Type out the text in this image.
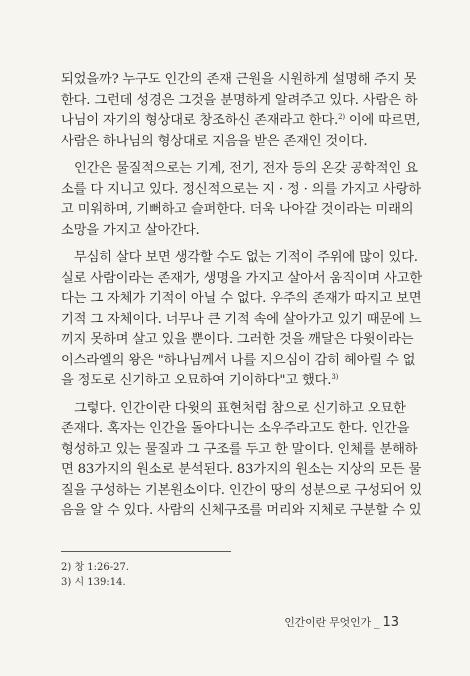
되었을까? 누구도 인간의 존재 근원을 시원하게 설명해 주지 못
한다. 그런데 성경은 그것을 분명하게 알려주고 있다. 사람은 하
나님이 자기의 형상대로 창조하신 존재라고 한다.$^{2)}$ 이에 따르면,
사람은 하나님의 형상대로 지음을 받은 존재인 것이다.
인간은 물질적으로는 기계, 전기, 전자 등의 온갖 공학적인 요
소를 다 지니고 있다. 정신적으로는 지 · 정 · 의를 가지고 사랑하
고 미워하며, 기뻐하고 슬퍼한다. 더욱 나아갈 것이라는 미래의
소망을 가지고 살아간다.
무심히 살다 보면 생각할 수도 없는 기적이 주위에 많이 있다.
실로 사람이라는 존재가, 생명을 가지고 살아서 움직이며 사고한
다는 그 자체가 기적이 아닐 수 없다. 우주의 존재가 따지고 보면
기적 그 자체이다. 너무나 큰 기적 속에 살아가고 있기 때문에 느
끼지 못하며 살고 있을 뿐이다. 그러한 것을 깨달은 다윗이라는
이스라엘의 왕은 "하나님께서 나를 지으심이 감히 헤아릴 수 없
을 정도로 신기하고 오묘하여 기이하다"고 했다.$^{3)}$
그렇다. 인간이란 다윗의 표현처럼 참으로 신기하고 오묘한
존재다. 혹자는 인간을 돌아다니는 소우주라고도 한다. 인간을
형성하고 있는 물질과 그 구조를 두고 한 말이다. 인체를 분해하
면 83가지의 원소로 분석된다. 83가지의 원소는 지상의 모든 물
질을 구성하는 기본원소이다. 인간이 땅의 성분으로 구성되어 있
음을 알 수 있다. 사람의 신체구조를 머리와 지체로 구분할 수 있
2) 창 1:26-27.
3) 시 139:14.
인간이란 무엇인가 _ 13
